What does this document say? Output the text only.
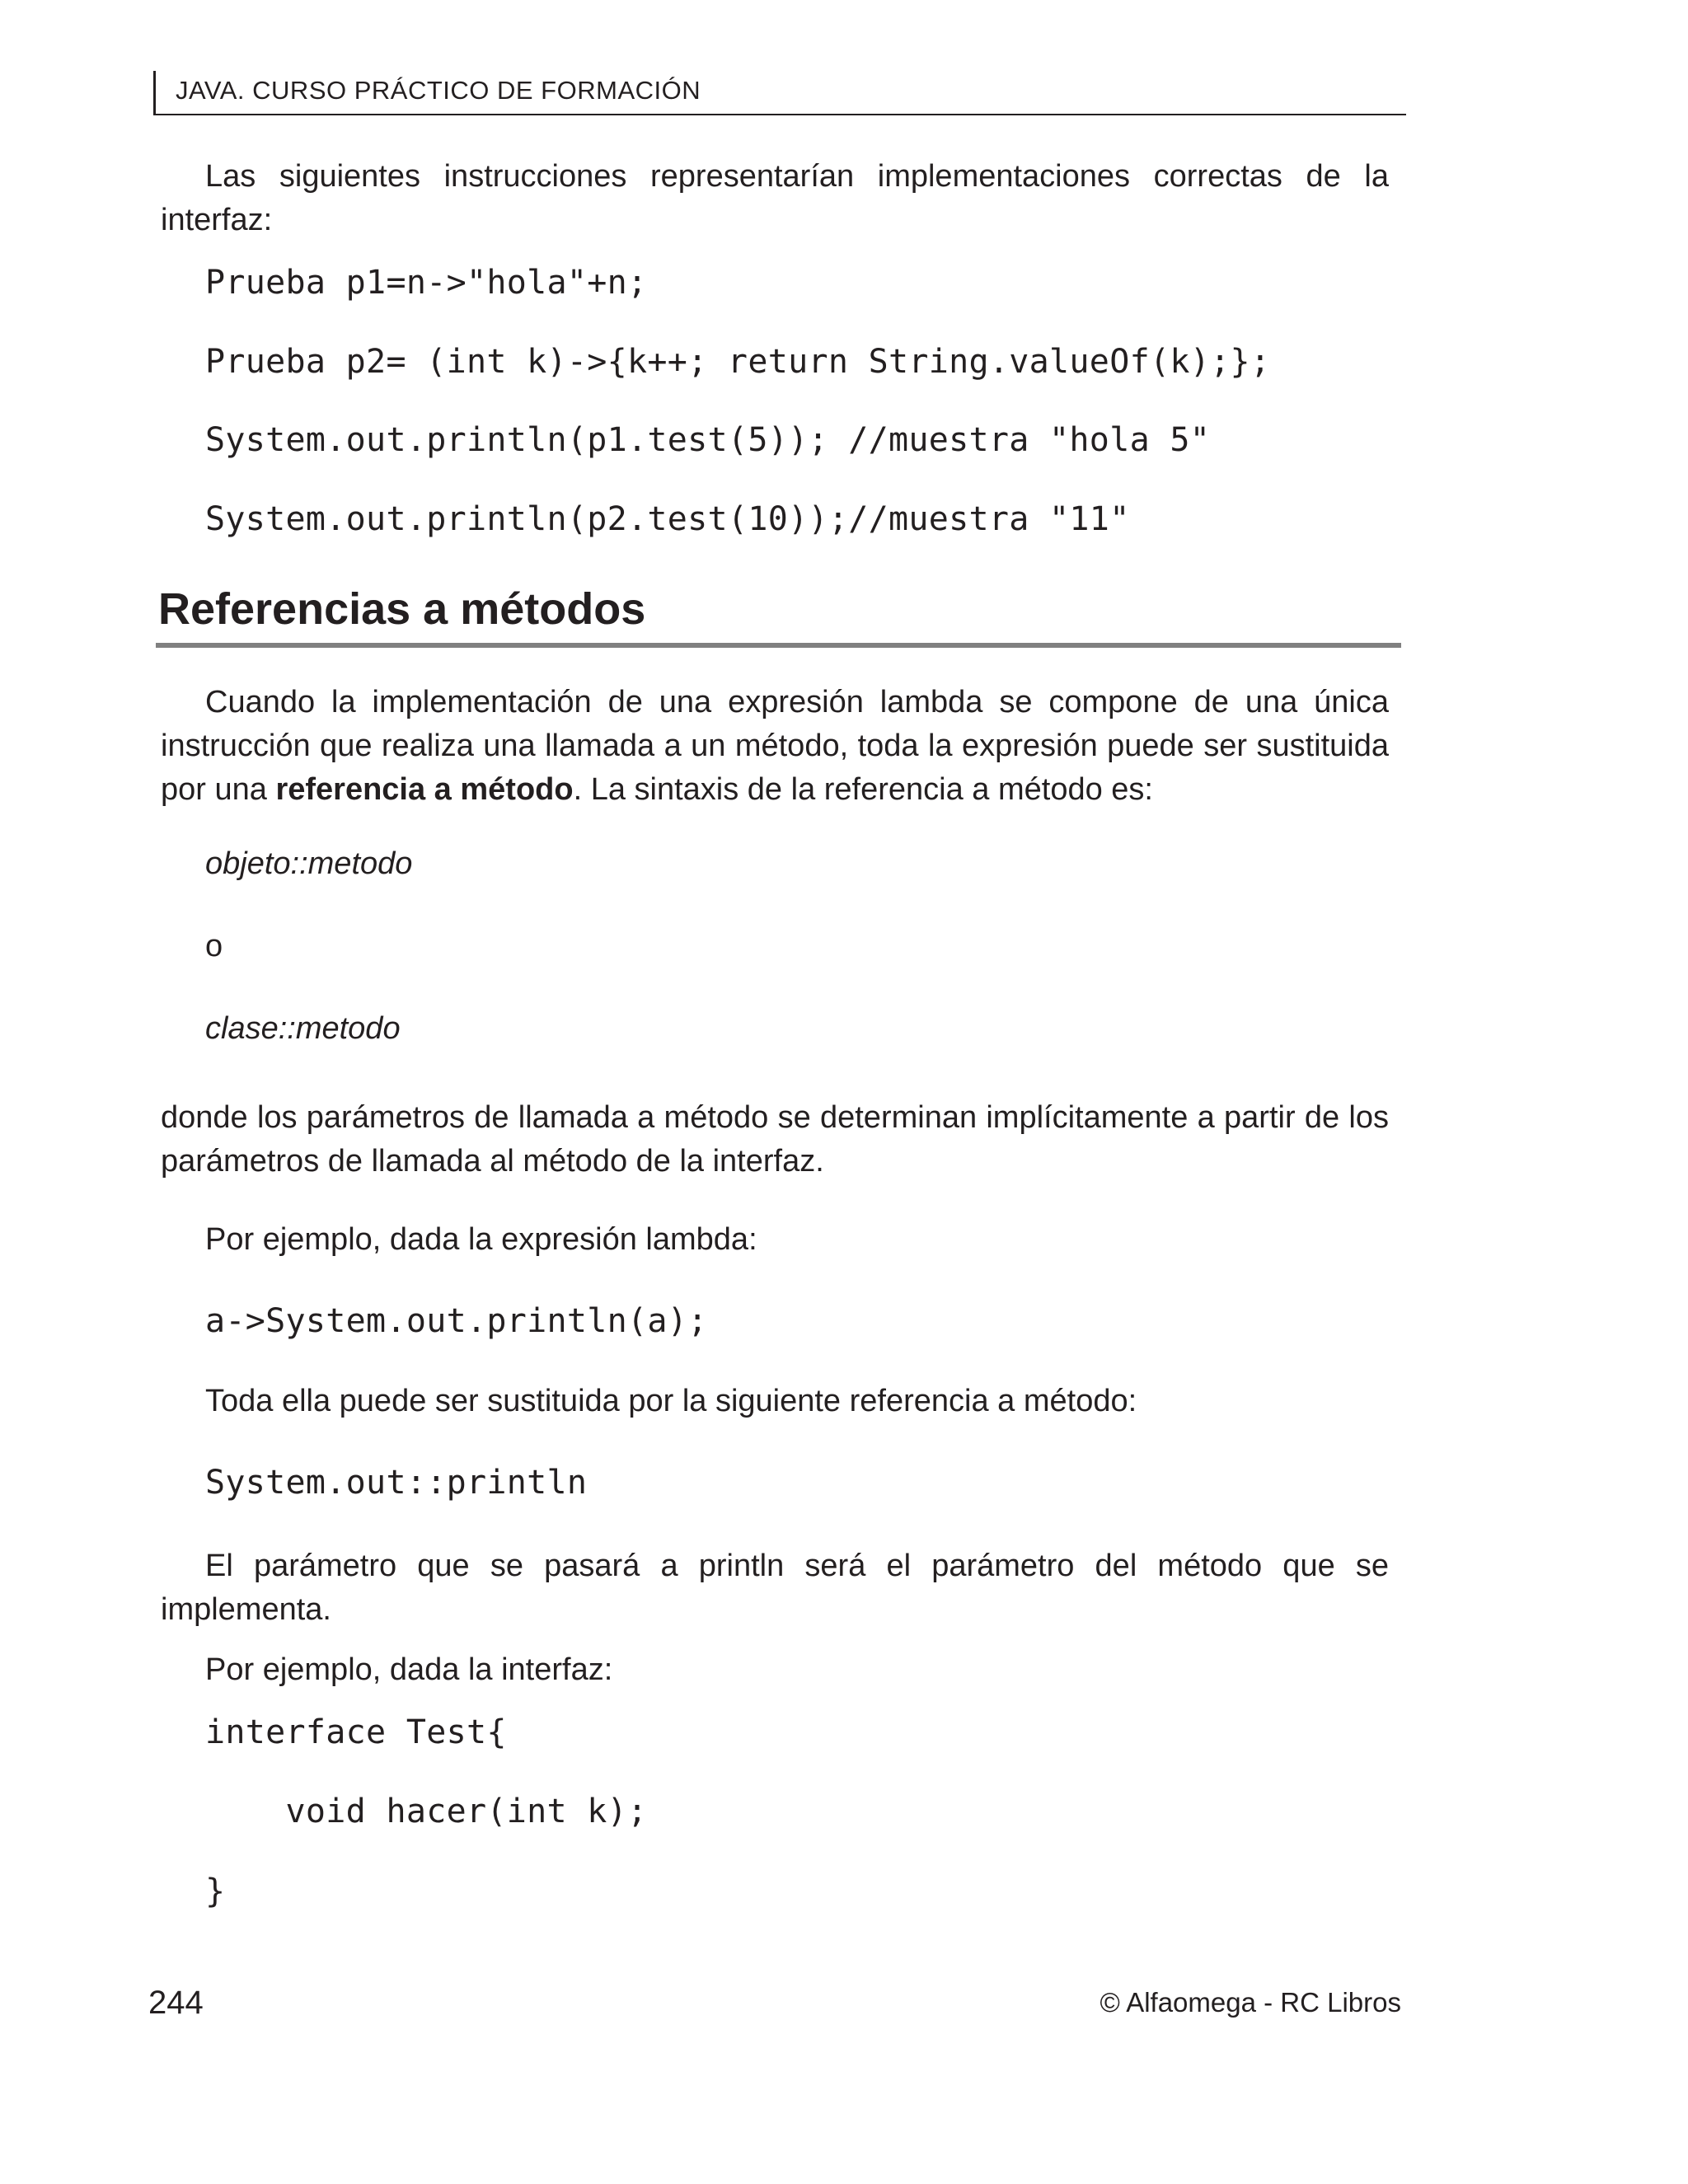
JAVA. CURSO PRÁCTICO DE FORMACIÓN

Las siguientes instrucciones representarían implementaciones correctas de la interfaz:

Prueba p1=n->"hola"+n;
Prueba p2= (int k)->{k++; return String.valueOf(k);};
System.out.println(p1.test(5)); //muestra "hola 5"
System.out.println(p2.test(10));//muestra "11"
Referencias a métodos

Cuando la implementación de una expresión lambda se compone de una única instrucción que realiza una llamada a un método, toda la expresión puede ser sustituida por una referencia a método. La sintaxis de la referencia a método es:

objeto::metodo
o
clase::metodo

donde los parámetros de llamada a método se determinan implícitamente a partir de los parámetros de llamada al método de la interfaz.

Por ejemplo, dada la expresión lambda:
a->System.out.println(a);
Toda ella puede ser sustituida por la siguiente referencia a método:
System.out::println

El parámetro que se pasará a println será el parámetro del método que se implementa.

Por ejemplo, dada la interfaz:
interface Test{
void hacer(int k);
}
244	© Alfaomega - RC Libros
